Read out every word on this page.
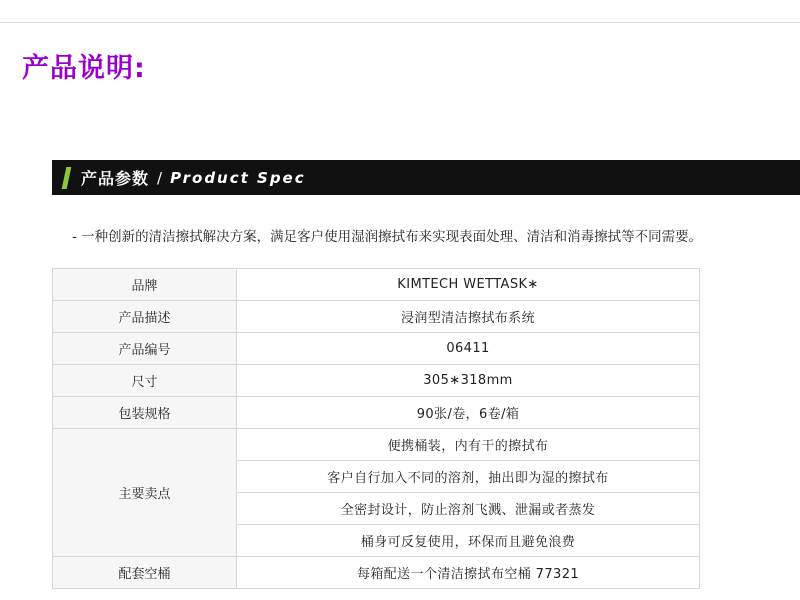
产品说明:
产品参数 / Product Spec
- 一种创新的清洁擦拭解决方案，满足客户使用湿润擦拭布来实现表面处理、清洁和消毒擦拭等不同需要。
品牌	KIMTECH WETTASK∗
产品描述	浸润型清洁擦拭布系统
产品编号	06411
尺寸	305∗318mm
包装规格	90张/卷，6卷/箱
主要卖点	便携桶装，内有干的擦拭布
	客户自行加入不同的溶剂，抽出即为湿的擦拭布
	全密封设计，防止溶剂飞溅、泄漏或者蒸发
	桶身可反复使用，环保而且避免浪费
配套空桶	每箱配送一个清洁擦拭布空桶 77321
